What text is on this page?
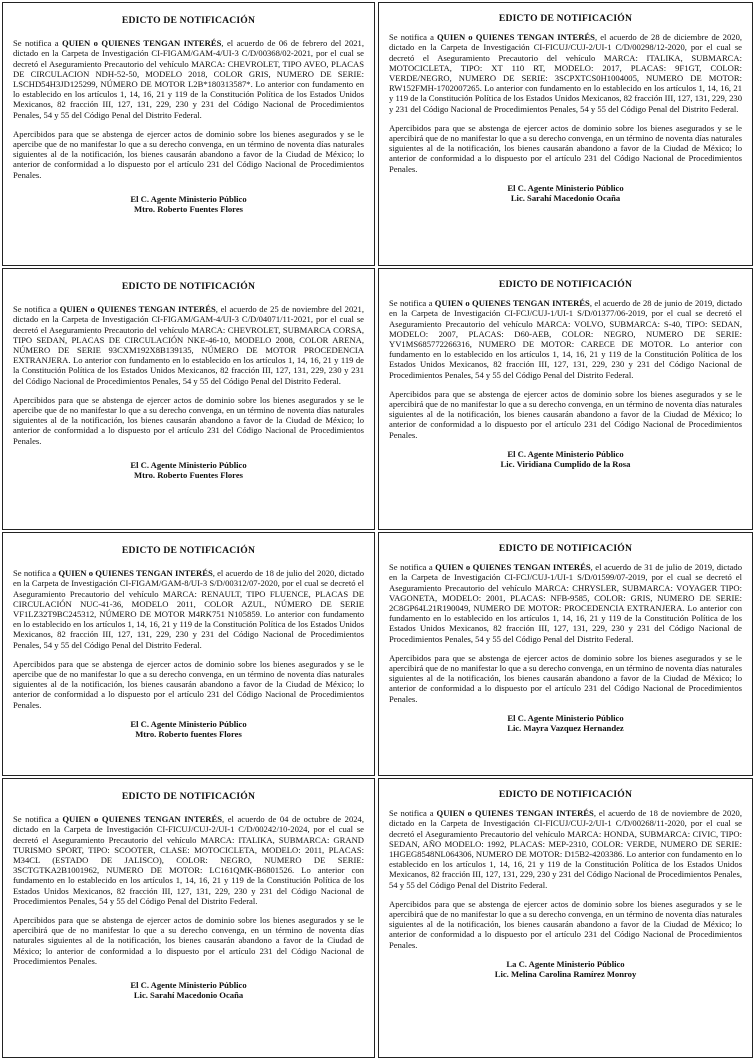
EDICTO DE NOTIFICACIÓN
Se notifica a QUIEN o QUIENES TENGAN INTERÉS, el acuerdo de 06 de febrero del 2021, dictado en la Carpeta de Investigación CI-FIGAM/GAM-4/UI-3 C/D/00368/02-2021, por el cual se decretó el Aseguramiento Precautorio del vehículo MARCA: CHEVROLET, TIPO AVEO, PLACAS DE CIRCULACION NDH-52-50, MODELO 2018, COLOR GRIS, NUMERO DE SERIE: LSCHD54H3JD125299, NÚMERO DE MOTOR L2B*180313587*. Lo anterior con fundamento en lo establecido en los artículos 1, 14, 16, 21 y 119 de la Constitución Política de los Estados Unidos Mexicanos, 82 fracción III, 127, 131, 229, 230 y 231 del Código Nacional de Procedimientos Penales, 54 y 55 del Código Penal del Distrito Federal.
Apercibidos para que se abstenga de ejercer actos de dominio sobre los bienes asegurados y se le apercibe que de no manifestar lo que a su derecho convenga, en un término de noventa días naturales siguientes al de la notificación, los bienes causarán abandono a favor de la Ciudad de México; lo anterior de conformidad a lo dispuesto por el artículo 231 del Código Nacional de Procedimientos Penales.
El C. Agente Ministerio Público
Mtro. Roberto Fuentes Flores
EDICTO DE NOTIFICACIÓN
Se notifica a QUIEN o QUIENES TENGAN INTERÉS, el acuerdo de 28 de diciembre de 2020, dictado en la Carpeta de Investigación CI-FICUJ/CUJ-2/UI-1 C/D/00298/12-2020, por el cual se decretó el Aseguramiento Precautorio del vehículo MARCA: ITALIKA, SUBMARCA: MOTOCICLETA, TIPO: XT 110 RT, MODELO: 2017, PLACAS: 9F1GT, COLOR: VERDE/NEGRO, NUMERO DE SERIE: 3SCPXTCS0H1004005, NUMERO DE MOTOR: RW152FMH-1702007265. Lo anterior con fundamento en lo establecido en los artículos 1, 14, 16, 21 y 119 de la Constitución Política de los Estados Unidos Mexicanos, 82 fracción III, 127, 131, 229, 230 y 231 del Código Nacional de Procedimientos Penales, 54 y 55 del Código Penal del Distrito Federal.
Apercibidos para que se abstenga de ejercer actos de dominio sobre los bienes asegurados y se le apercibirá que de no manifestar lo que a su derecho convenga, en un término de noventa días naturales siguientes al de la notificación, los bienes causarán abandono a favor de la Ciudad de México; lo anterior de conformidad a lo dispuesto por el artículo 231 del Código Nacional de Procedimientos Penales.
El C. Agente Ministerio Público
Lic. Sarahí Macedonio Ocaña
EDICTO DE NOTIFICACIÓN
Se notifica a QUIEN o QUIENES TENGAN INTERÉS, el acuerdo de 25 de noviembre del 2021, dictado en la Carpeta de Investigación CI-FIGAM/GAM-4/UI-3 C/D/04071/11-2021, por el cual se decretó el Aseguramiento Precautorio del vehículo MARCA: CHEVROLET, SUBMARCA CORSA, TIPO SEDAN, PLACAS DE CIRCULACIÓN NKE-46-10, MODELO 2008, COLOR ARENA, NÚMERO DE SERIE 93CXM192X8B139135, NÚMERO DE MOTOR PROCEDENCIA EXTRANJERA. Lo anterior con fundamento en lo establecido en los artículos 1, 14, 16, 21 y 119 de la Constitución Política de los Estados Unidos Mexicanos, 82 fracción III, 127, 131, 229, 230 y 231 del Código Nacional de Procedimientos Penales, 54 y 55 del Código Penal del Distrito Federal.
Apercibidos para que se abstenga de ejercer actos de dominio sobre los bienes asegurados y se le apercibe que de no manifestar lo que a su derecho convenga, en un término de noventa días naturales siguientes al de la notificación, los bienes causarán abandono a favor de la Ciudad de México; lo anterior de conformidad a lo dispuesto por el artículo 231 del Código Nacional de Procedimientos Penales.
El C. Agente Ministerio Público
Mtro. Roberto Fuentes Flores
EDICTO DE NOTIFICACIÓN
Se notifica a QUIEN o QUIENES TENGAN INTERÉS, el acuerdo de 28 de junio de 2019, dictado en la Carpeta de Investigación CI-FCJ/CUJ-1/UI-1 S/D/01377/06-2019, por el cual se decretó el Aseguramiento Precautorio del vehículo MARCA: VOLVO, SUBMARCA: S-40, TIPO: SEDAN, MODELO: 2007, PLACAS: D60-AEB, COLOR: NEGRO, NUMERO DE SERIE: YV1MS685772266316, NUMERO DE MOTOR: CARECE DE MOTOR. Lo anterior con fundamento en lo establecido en los artículos 1, 14, 16, 21 y 119 de la Constitución Política de los Estados Unidos Mexicanos, 82 fracción III, 127, 131, 229, 230 y 231 del Código Nacional de Procedimientos Penales, 54 y 55 del Código Penal del Distrito Federal.
Apercibidos para que se abstenga de ejercer actos de dominio sobre los bienes asegurados y se le apercibirá que de no manifestar lo que a su derecho convenga, en un término de noventa días naturales siguientes al de la notificación, los bienes causarán abandono a favor de la Ciudad de México; lo anterior de conformidad a lo dispuesto por el artículo 231 del Código Nacional de Procedimientos Penales.
El C. Agente Ministerio Público
Lic. Viridiana Cumplido de la Rosa
EDICTO DE NOTIFICACIÓN
Se notifica a QUIEN o QUIENES TENGAN INTERÉS, el acuerdo de 18 de julio del 2020, dictado en la Carpeta de Investigación CI-FIGAM/GAM-8/UI-3 S/D/00312/07-2020, por el cual se decretó el Aseguramiento Precautorio del vehículo MARCA: RENAULT, TIPO FLUENCE, PLACAS DE CIRCULACIÓN NUC-41-36, MODELO 2011, COLOR AZUL, NÚMERO DE SERIE VF1LZ32T9BC245312, NÚMERO DE MOTOR M4RK751 N105859. Lo anterior con fundamento en lo establecido en los artículos 1, 14, 16, 21 y 119 de la Constitución Política de los Estados Unidos Mexicanos, 82 fracción III, 127, 131, 229, 230 y 231 del Código Nacional de Procedimientos Penales, 54 y 55 del Código Penal del Distrito Federal.
Apercibidos para que se abstenga de ejercer actos de dominio sobre los bienes asegurados y se le apercibe que de no manifestar lo que a su derecho convenga, en un término de noventa días naturales siguientes al de la notificación, los bienes causarán abandono a favor de la Ciudad de México; lo anterior de conformidad a lo dispuesto por el artículo 231 del Código Nacional de Procedimientos Penales.
El C. Agente Ministerio Público
Mtro. Roberto fuentes Flores
EDICTO DE NOTIFICACIÓN
Se notifica a QUIEN o QUIENES TENGAN INTERÉS, el acuerdo de 31 de julio de 2019, dictado en la Carpeta de Investigación CI-FCJ/CUJ-1/UI-1 S/D/01599/07-2019, por el cual se decretó el Aseguramiento Precautorio del vehículo MARCA: CHRYSLER, SUBMARCA: VOYAGER TIPO: VAGONETA, MODELO: 2001, PLACAS: NFB-9585, COLOR: GRIS, NUMERO DE SERIE: 2C8GP64L21R190049, NUMERO DE MOTOR: PROCEDENCIA EXTRANJERA. Lo anterior con fundamento en lo establecido en los artículos 1, 14, 16, 21 y 119 de la Constitución Política de los Estados Unidos Mexicanos, 82 fracción III, 127, 131, 229, 230 y 231 del Código Nacional de Procedimientos Penales, 54 y 55 del Código Penal del Distrito Federal.
Apercibidos para que se abstenga de ejercer actos de dominio sobre los bienes asegurados y se le apercibirá que de no manifestar lo que a su derecho convenga, en un término de noventa días naturales siguientes al de la notificación, los bienes causarán abandono a favor de la Ciudad de México; lo anterior de conformidad a lo dispuesto por el artículo 231 del Código Nacional de Procedimientos Penales.
El C. Agente Ministerio Público
Lic. Mayra Vazquez Hernandez
EDICTO DE NOTIFICACIÓN
Se notifica a QUIEN o QUIENES TENGAN INTERÉS, el acuerdo de 04 de octubre de 2024, dictado en la Carpeta de Investigación CI-FICUJ/CUJ-2/UI-1 C/D/00242/10-2024, por el cual se decretó el Aseguramiento Precautorio del vehículo MARCA: ITALIKA, SUBMARCA: GRAND TURISMO SPORT, TIPO: SCOOTER, CLASE: MOTOCICLETA, MODELO: 2011, PLACAS: M34CL (ESTADO DE JALISCO), COLOR: NEGRO, NUMERO DE SERIE: 3SCTGTKA2B1001962, NUMERO DE MOTOR: LC161QMK-B6801526. Lo anterior con fundamento en lo establecido en los artículos 1, 14, 16, 21 y 119 de la Constitución Política de los Estados Unidos Mexicanos, 82 fracción III, 127, 131, 229, 230 y 231 del Código Nacional de Procedimientos Penales, 54 y 55 del Código Penal del Distrito Federal.
Apercibidos para que se abstenga de ejercer actos de dominio sobre los bienes asegurados y se le apercibirá que de no manifestar lo que a su derecho convenga, en un término de noventa días naturales siguientes al de la notificación, los bienes causarán abandono a favor de la Ciudad de México; lo anterior de conformidad a lo dispuesto por el artículo 231 del Código Nacional de Procedimientos Penales.
El C. Agente Ministerio Público
Lic. Sarahí Macedonio Ocaña
EDICTO DE NOTIFICACIÓN
Se notifica a QUIEN o QUIENES TENGAN INTERÉS, el acuerdo de 18 de noviembre de 2020, dictado en la Carpeta de Investigación CI-FICUJ/CUJ-2/UI-1 C/D/00268/11-2020, por el cual se decretó el Aseguramiento Precautorio del vehículo MARCA: HONDA, SUBMARCA: CIVIC, TIPO: SEDAN, AÑO MODELO: 1992, PLACAS: MEP-2310, COLOR: VERDE, NUMERO DE SERIE: 1HGEG8548NL064306, NUMERO DE MOTOR: D15B2-4203386. Lo anterior con fundamento en lo establecido en los artículos 1, 14, 16, 21 y 119 de la Constitución Política de los Estados Unidos Mexicanos, 82 fracción III, 127, 131, 229, 230 y 231 del Código Nacional de Procedimientos Penales, 54 y 55 del Código Penal del Distrito Federal.
Apercibidos para que se abstenga de ejercer actos de dominio sobre los bienes asegurados y se le apercibirá que de no manifestar lo que a su derecho convenga, en un término de noventa días naturales siguientes al de la notificación, los bienes causarán abandono a favor de la Ciudad de México; lo anterior de conformidad a lo dispuesto por el artículo 231 del Código Nacional de Procedimientos Penales.
La C. Agente Ministerio Público
Lic. Melina Carolina Ramírez Monroy
